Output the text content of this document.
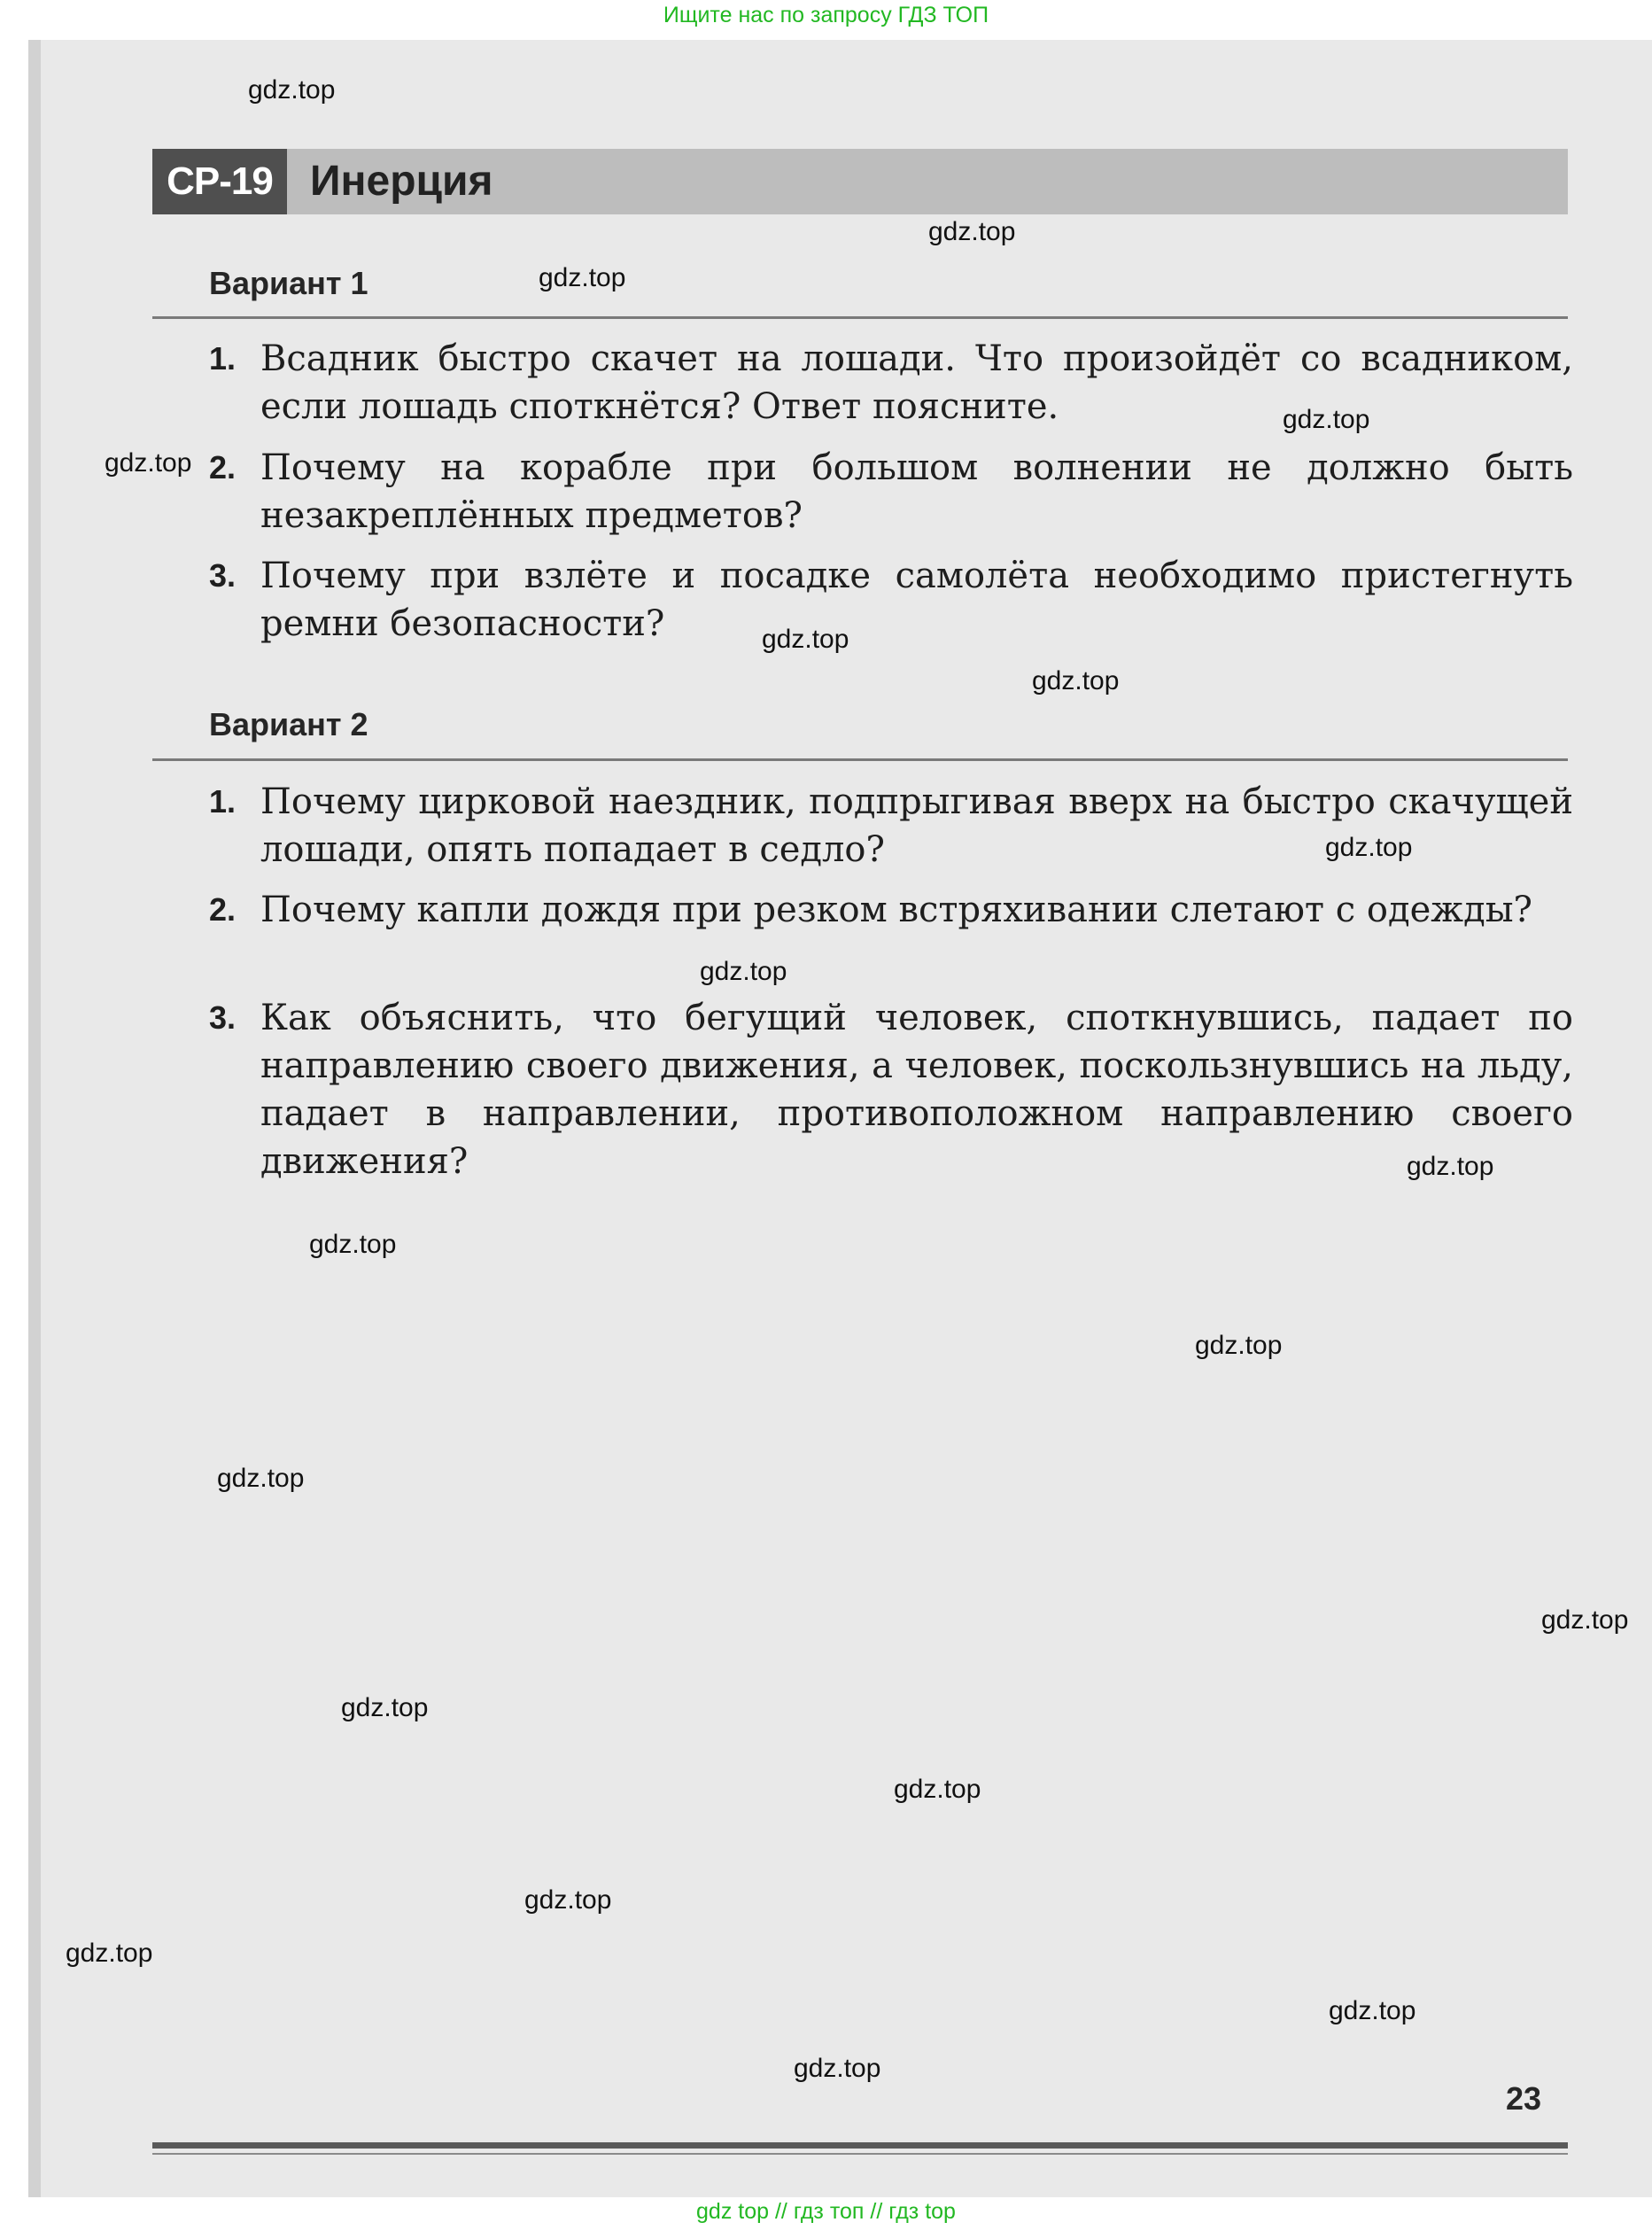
Ищите нас по запросу ГДЗ ТОП
СР-19 Инерция
Вариант 1
1. Всадник быстро скачет на лошади. Что произойдёт со всадником, если лошадь споткнётся? Ответ поясните.
2. Почему на корабле при большом волнении не должно быть незакреплённых предметов?
3. Почему при взлёте и посадке самолёта необходимо пристегнуть ремни безопасности?
Вариант 2
1. Почему цирковой наездник, подпрыгивая вверх на быстро скачущей лошади, опять попадает в седло?
2. Почему капли дождя при резком встряхивании слетают с одежды?
3. Как объяснить, что бегущий человек, споткнувшись, падает по направлению своего движения, а человек, поскользнувшись на льду, падает в направлении, противоположном направлению своего движения?
23
gdz.top
gdz.top
gdz.top
gdz.top
gdz.top
gdz.top
gdz.top
gdz.top
gdz.top
gdz.top
gdz.top
gdz.top
gdz.top
gdz.top
gdz.top
gdz.top
gdz.top
gdz.top
gdz.top
gdz.top
gdz top // гдз топ // гдз top
